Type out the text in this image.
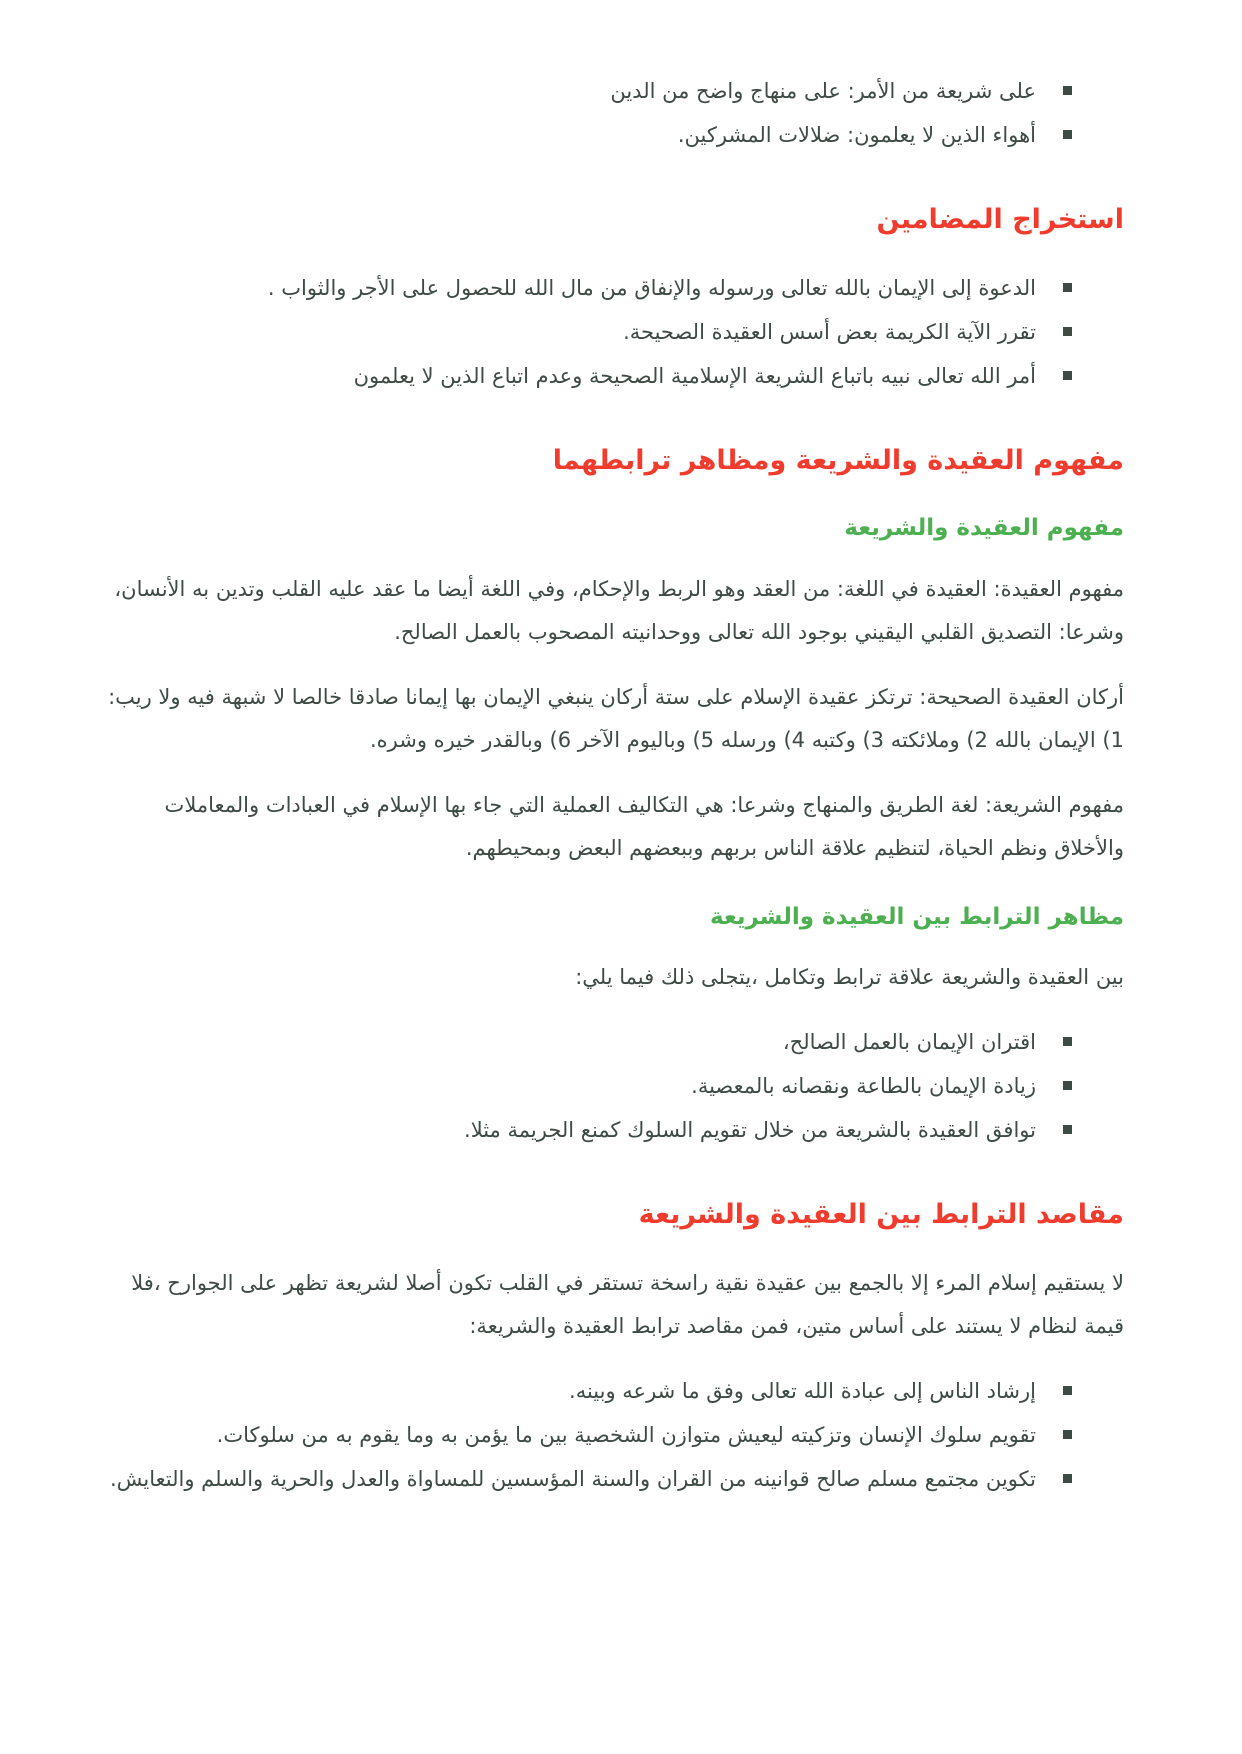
على شريعة من الأمر: على منهاج واضح من الدين
أهواء الذين لا يعلمون: ضلالات المشركين.
استخراج المضامين
الدعوة إلى الإيمان بالله تعالى ورسوله والإنفاق من مال الله للحصول على الأجر والثواب .
تقرر الآية الكريمة بعض أسس العقيدة الصحيحة.
أمر الله تعالى نبيه باتباع الشريعة الإسلامية الصحيحة وعدم اتباع الذين لا يعلمون
مفهوم العقيدة والشريعة ومظاهر ترابطهما
مفهوم العقيدة والشريعة

مفهوم العقيدة: العقيدة في اللغة: من العقد وهو الربط والإحكام، وفي اللغة أيضا ما عقد عليه القلب وتدين به الأنسان، وشرعا: التصديق القلبي اليقيني بوجود الله تعالى ووحدانيته المصحوب بالعمل الصالح.

أركان العقيدة الصحيحة: ترتكز عقيدة الإسلام على ستة أركان ينبغي الإيمان بها إيمانا صادقا خالصا لا شبهة فيه ولا ريب: 1) الإيمان بالله 2) وملائكته 3) وكتبه 4) ورسله 5) وباليوم الآخر 6) وبالقدر خيره وشره.

مفهوم الشريعة: لغة الطريق والمنهاج وشرعا: هي التكاليف العملية التي جاء بها الإسلام في العبادات والمعاملات والأخلاق ونظم الحياة، لتنظيم علاقة الناس بربهم وببعضهم البعض وبمحيطهم.

مظاهر الترابط بين العقيدة والشريعة

بين العقيدة والشريعة علاقة ترابط وتكامل ،يتجلى ذلك فيما يلي:

اقتران الإيمان بالعمل الصالح،
زيادة الإيمان بالطاعة ونقصانه بالمعصية.
توافق العقيدة بالشريعة من خلال تقويم السلوك كمنع الجريمة مثلا.
مقاصد الترابط بين العقيدة والشريعة

لا يستقيم إسلام المرء إلا بالجمع بين عقيدة نقية راسخة تستقر في القلب تكون أصلا لشريعة تظهر على الجوارح ،فلا قيمة لنظام لا يستند على أساس متين، فمن مقاصد ترابط العقيدة والشريعة:

إرشاد الناس إلى عبادة الله تعالى وفق ما شرعه وبينه.
تقويم سلوك الإنسان وتزكيته ليعيش متوازن الشخصية بين ما يؤمن به وما يقوم به من سلوكات.
تكوين مجتمع مسلم صالح قوانينه من القران والسنة المؤسسين للمساواة والعدل والحرية والسلم والتعايش.
